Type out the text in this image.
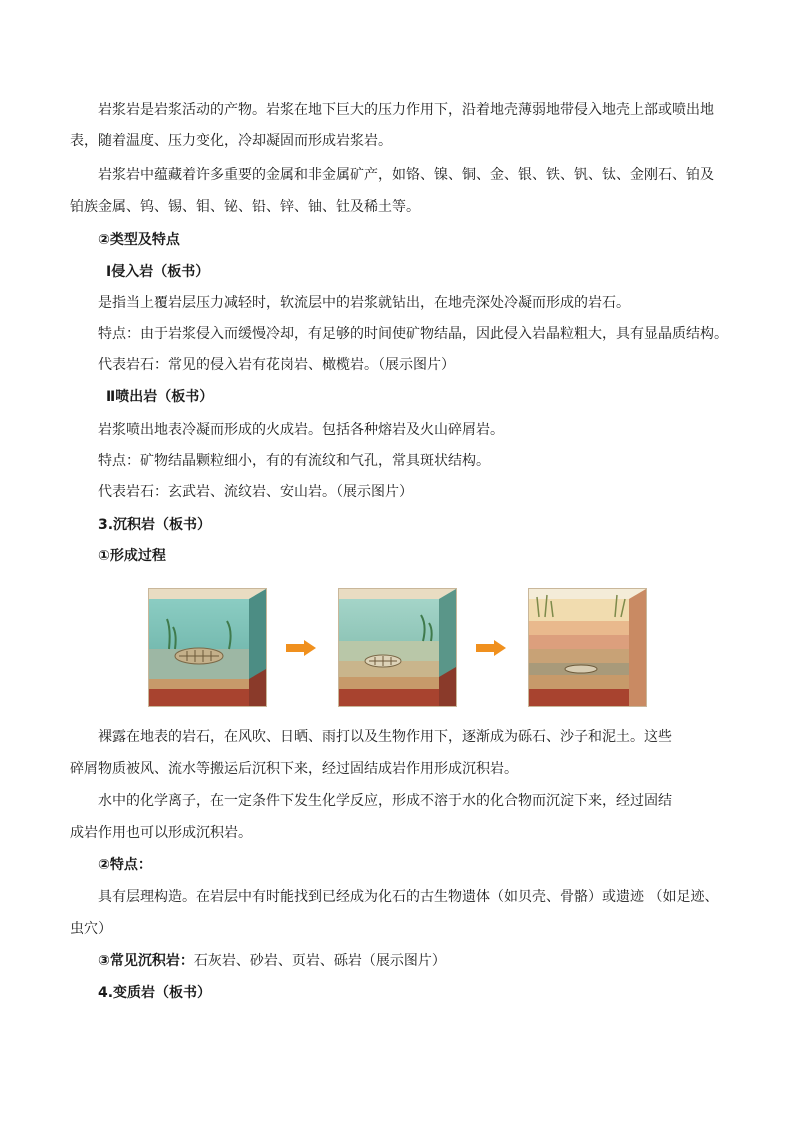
岩浆岩是岩浆活动的产物。岩浆在地下巨大的压力作用下，沿着地壳薄弱地带侵入地壳上部或喷出地
表，随着温度、压力变化，冷却凝固而形成岩浆岩。
岩浆岩中蕴藏着许多重要的金属和非金属矿产，如铬、镍、铜、金、银、铁、钒、钛、金刚石、铂及
铂族金属、钨、锡、钼、铋、铅、锌、铀、钍及稀土等。
②类型及特点
Ⅰ侵入岩（板书）
是指当上覆岩层压力减轻时，软流层中的岩浆就钻出，在地壳深处冷凝而形成的岩石。
特点：由于岩浆侵入而缓慢冷却，有足够的时间使矿物结晶，因此侵入岩晶粒粗大，具有显晶质结构。
代表岩石：常见的侵入岩有花岗岩、橄榄岩。（展示图片）
Ⅱ喷出岩（板书）
岩浆喷出地表冷凝而形成的火成岩。包括各种熔岩及火山碎屑岩。
特点：矿物结晶颗粒细小，有的有流纹和气孔，常具斑状结构。
代表岩石：玄武岩、流纹岩、安山岩。（展示图片）
3.沉积岩（板书）
①形成过程
裸露在地表的岩石，在风吹、日晒、雨打以及生物作用下，逐渐成为砾石、沙子和泥土。这些
碎屑物质被风、流水等搬运后沉积下来，经过固结成岩作用形成沉积岩。
水中的化学离子，在一定条件下发生化学反应，形成不溶于水的化合物而沉淀下来，经过固结
成岩作用也可以形成沉积岩。
②特点：
具有层理构造。在岩层中有时能找到已经成为化石的古生物遗体（如贝壳、骨骼）或遗迹 （如足迹、
虫穴）
③常见沉积岩：石灰岩、砂岩、页岩、砾岩（展示图片）
4.变质岩（板书）
